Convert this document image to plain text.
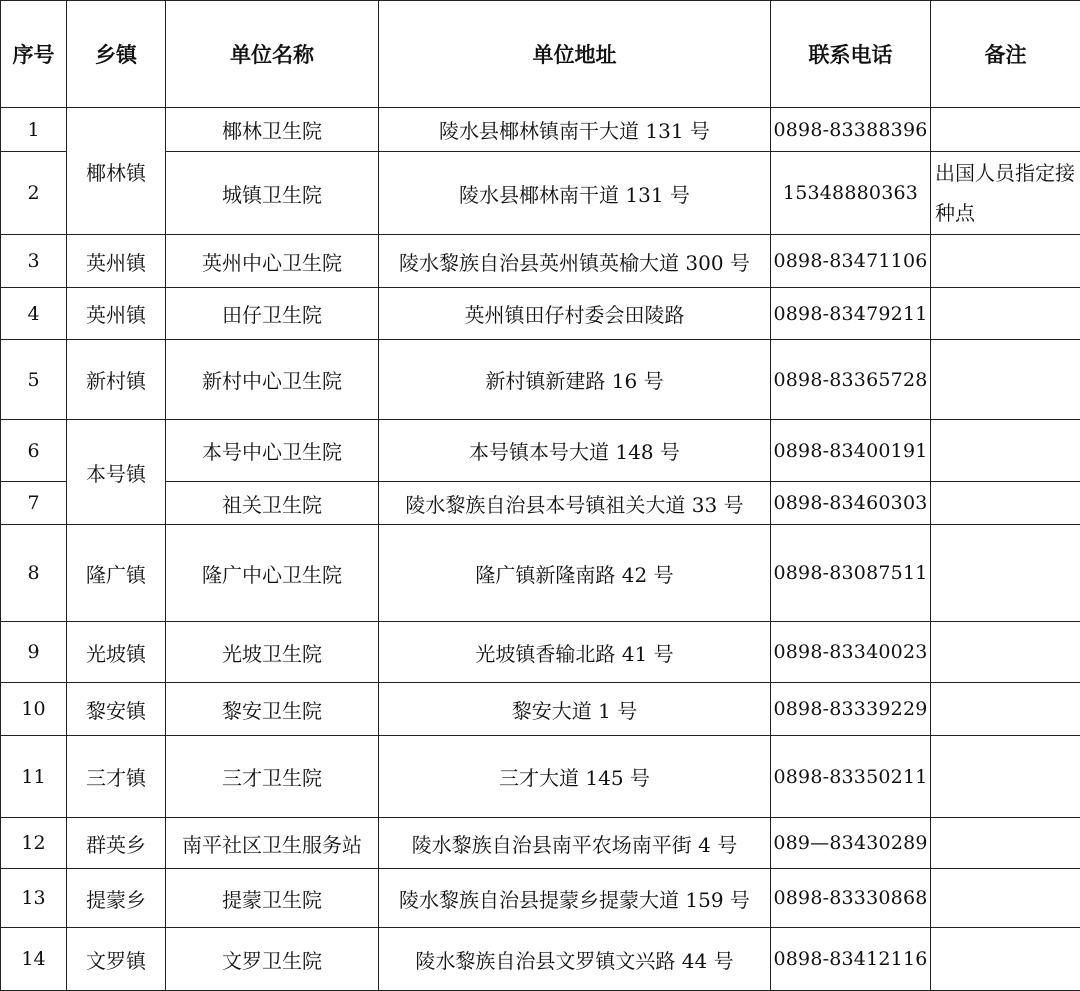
序号	乡镇	单位名称	单位地址	联系电话	备注
1	椰林镇	椰林卫生院	陵水县椰林镇南干大道 131 号	0898-83388396	
2		城镇卫生院	陵水县椰林南干道 131 号	15348880363	出国人员指定接种点
3	英州镇	英州中心卫生院	陵水黎族自治县英州镇英榆大道 300 号	0898-83471106	
4	英州镇	田仔卫生院	英州镇田仔村委会田陵路	0898-83479211	
5	新村镇	新村中心卫生院	新村镇新建路 16 号	0898-83365728	
6	本号镇	本号中心卫生院	本号镇本号大道 148 号	0898-83400191	
7		祖关卫生院	陵水黎族自治县本号镇祖关大道 33 号	0898-83460303	
8	隆广镇	隆广中心卫生院	隆广镇新隆南路 42 号	0898-83087511	
9	光坡镇	光坡卫生院	光坡镇香输北路 41 号	0898-83340023	
10	黎安镇	黎安卫生院	黎安大道 1 号	0898-83339229	
11	三才镇	三才卫生院	三才大道 145 号	0898-83350211	
12	群英乡	南平社区卫生服务站	陵水黎族自治县南平农场南平街 4 号	089—83430289	
13	提蒙乡	提蒙卫生院	陵水黎族自治县提蒙乡提蒙大道 159 号	0898-83330868	
14	文罗镇	文罗卫生院	陵水黎族自治县文罗镇文兴路 44 号	0898-83412116	
